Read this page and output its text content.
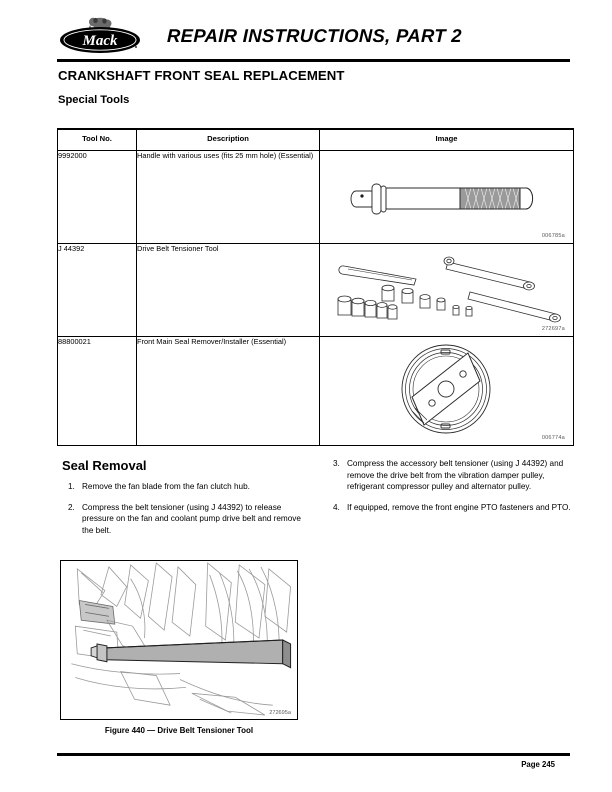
Mack	REPAIR INSTRUCTIONS, PART 2
CRANKSHAFT FRONT SEAL REPLACEMENT
Special Tools
Tool No.	Description	Image
9992000	Handle with various uses (fits 25 mm hole) (Essential)	006785a

J 44392	Drive Belt Tensioner Tool	272697a

88800021	Front Main Seal Remover/Installer (Essential)	006774a
Seal Removal
1. Remove the fan blade from the fan clutch hub.
2. Compress the belt tensioner (using J 44392) to release pressure on the fan and coolant pump drive belt and remove the belt.
3. Compress the accessory belt tensioner (using J 44392) and remove the drive belt from the vibration damper pulley, refrigerant compressor pulley and alternator pulley.
4. If equipped, remove the front engine PTO fasteners and PTO.
272695a
Figure 440 — Drive Belt Tensioner Tool
Page 245
